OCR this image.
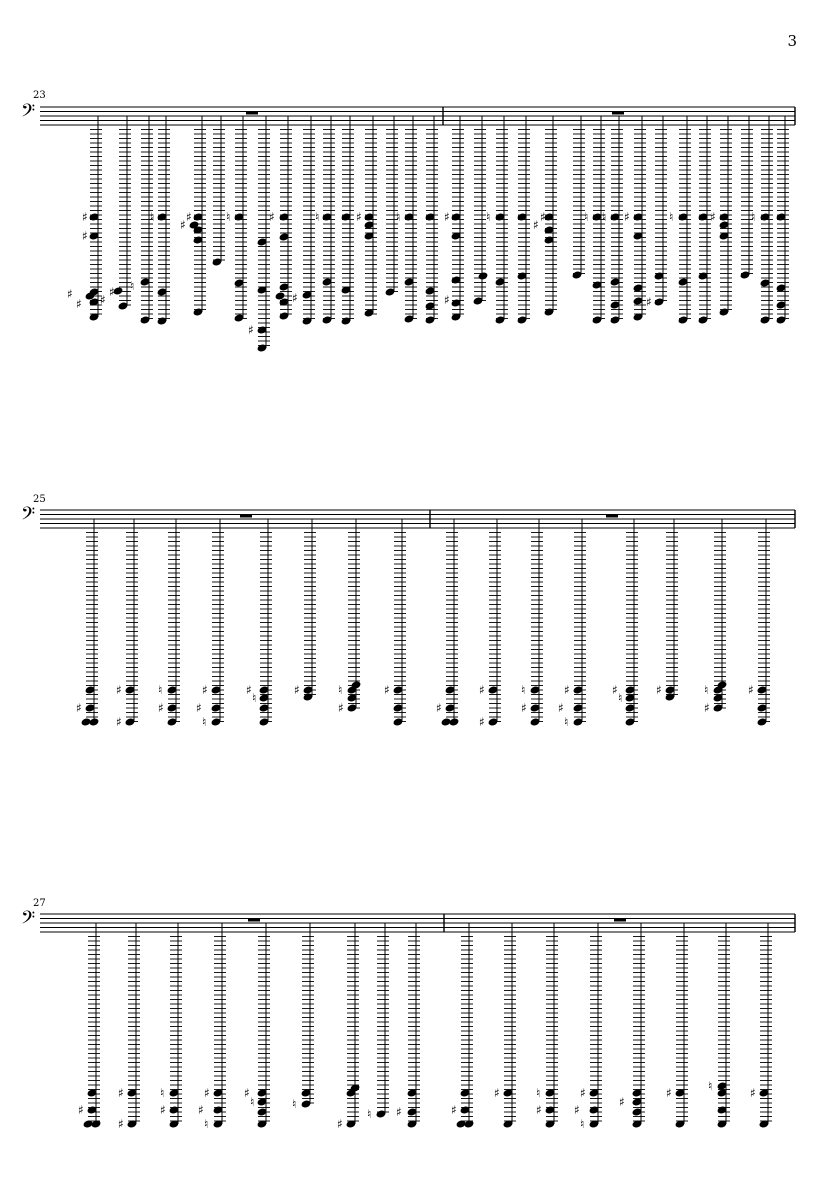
3
23
25
27
𝄢
♯
♯
♯
♯
♯
♯
♮
♮
♯
♯	♮
♯
♯
♯
♮	♯	♮	♯
♯
♮
♯
♯	♮ ♮ ♯
♯
♮	♯	♮
𝄢
♯
♯
♯
♮
♯
♯
♯
♮
♯
♮
♯	♮
♯
♯
♯
♯
♯
♮
♯
♯
♯
♮
♯
♮
♯	♮
♯
♯
𝄢
♯
♯
♯
♮
♯
♯
♯
♮
♯
♮	♮
♯
♮ ♯	♯
♯	♮
♯
♯
♯
♮
♯
♯	♮	♯
